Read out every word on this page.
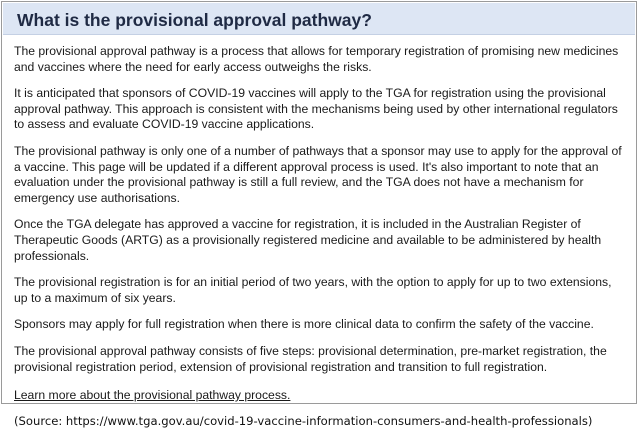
What is the provisional approval pathway?

The provisional approval pathway is a process that allows for temporary registration of promising new medicines and vaccines where the need for early access outweighs the risks.

It is anticipated that sponsors of COVID-19 vaccines will apply to the TGA for registration using the provisional approval pathway. This approach is consistent with the mechanisms being used by other international regulators to assess and evaluate COVID-19 vaccine applications.

The provisional pathway is only one of a number of pathways that a sponsor may use to apply for the approval of a vaccine. This page will be updated if a different approval process is used. It's also important to note that an evaluation under the provisional pathway is still a full review, and the TGA does not have a mechanism for emergency use authorisations.

Once the TGA delegate has approved a vaccine for registration, it is included in the Australian Register of Therapeutic Goods (ARTG) as a provisionally registered medicine and available to be administered by health professionals.

The provisional registration is for an initial period of two years, with the option to apply for up to two extensions, up to a maximum of six years.

Sponsors may apply for full registration when there is more clinical data to confirm the safety of the vaccine.

The provisional approval pathway consists of five steps: provisional determination, pre-market registration, the provisional registration period, extension of provisional registration and transition to full registration.

Learn more about the provisional pathway process.

(Source: https://www.tga.gov.au/covid-19-vaccine-information-consumers-and-health-professionals)
